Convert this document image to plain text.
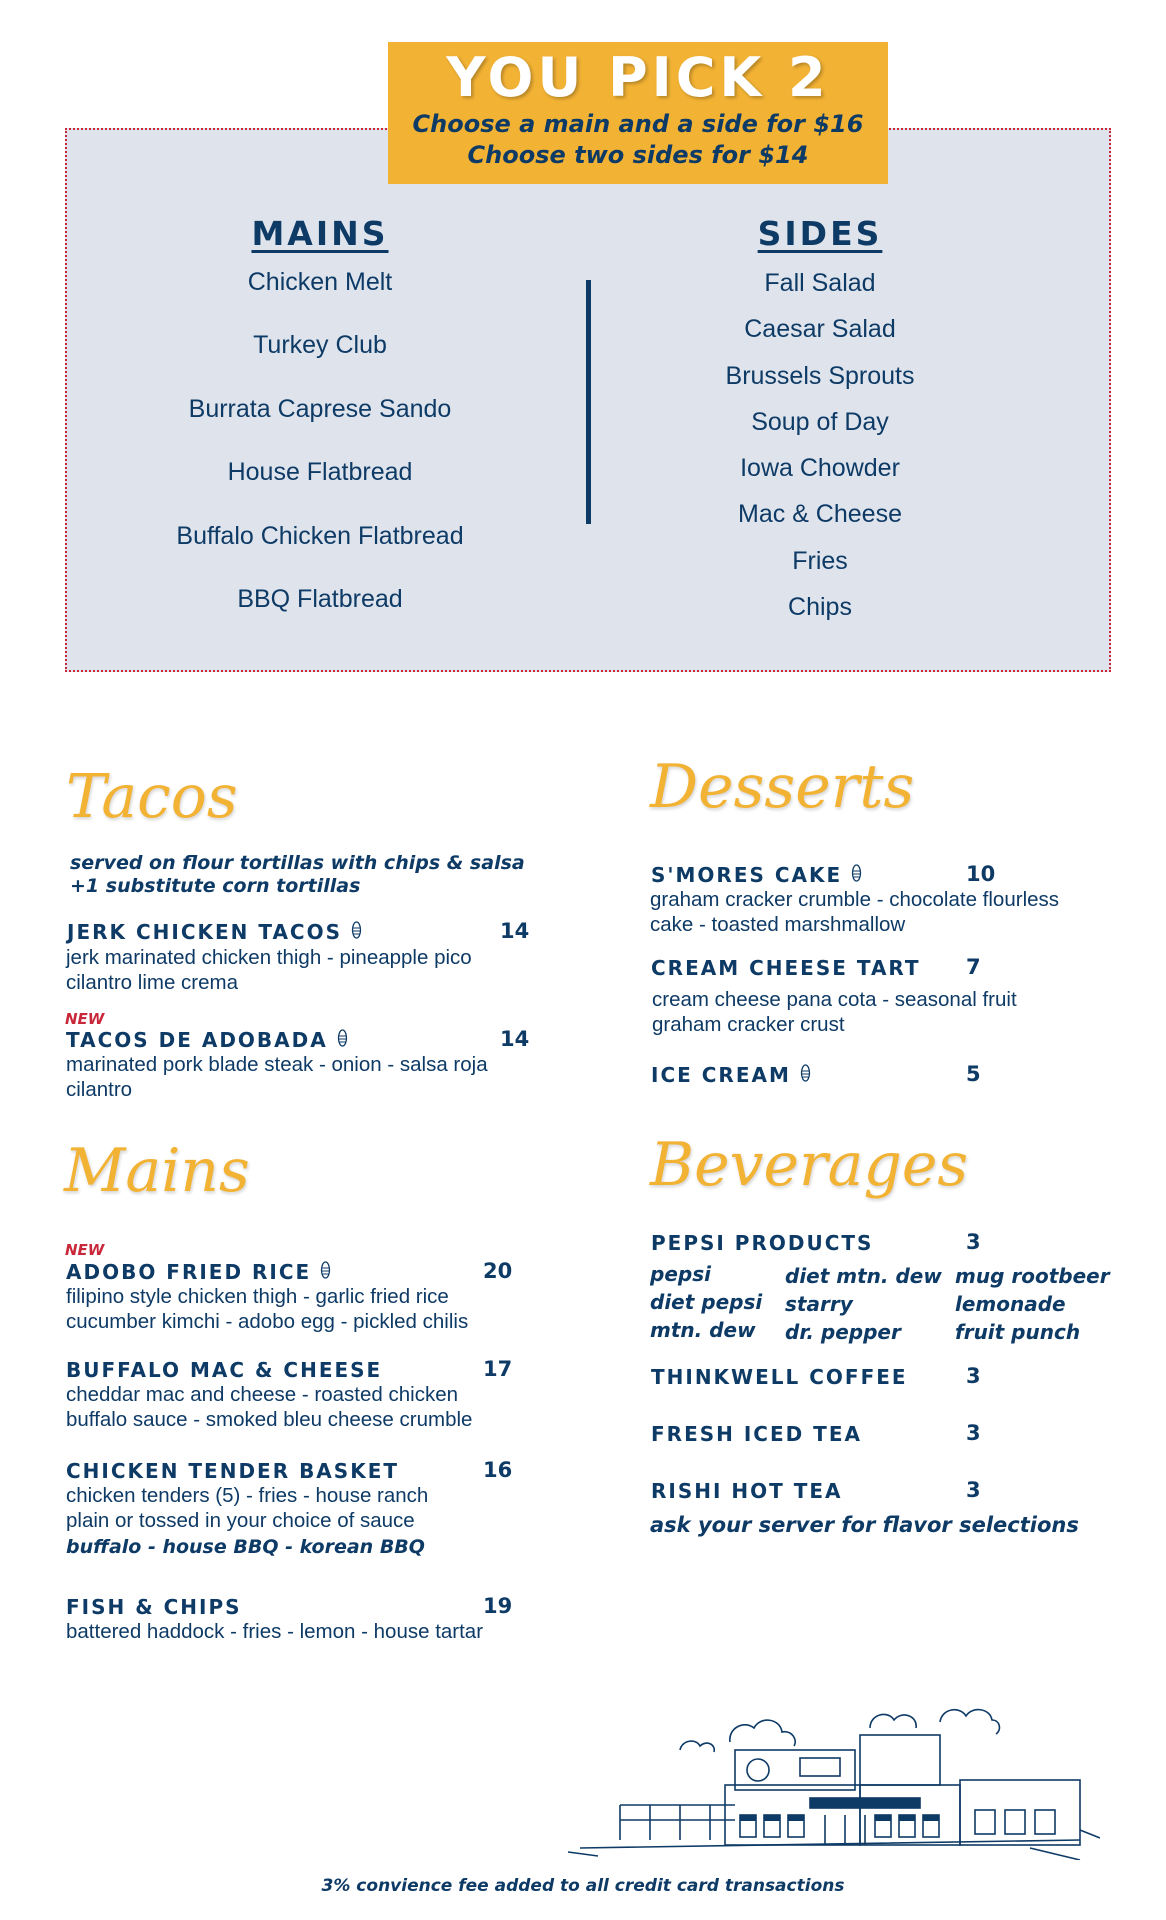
YOU PICK 2
Choose a main and a side for $16
Choose two sides for $14
MAINS	SIDES
Chicken Melt
Turkey Club
Burrata Caprese Sando
House Flatbread
Buffalo Chicken Flatbread
BBQ Flatbread
Fall Salad
Caesar Salad
Brussels Sprouts
Soup of Day
Iowa Chowder
Mac & Cheese
Fries
Chips
Tacos
served on flour tortillas with chips & salsa
+1 substitute corn tortillas
JERK CHICKEN TACOS	14
jerk marinated chicken thigh - pineapple pico
cilantro lime crema
NEW
TACOS DE ADOBADA	14
marinated pork blade steak - onion - salsa roja
cilantro
Mains
NEW
ADOBO FRIED RICE	20
filipino style chicken thigh - garlic fried rice
cucumber kimchi - adobo egg - pickled chilis
BUFFALO MAC & CHEESE	17
cheddar mac and cheese - roasted chicken
buffalo sauce - smoked bleu cheese crumble
CHICKEN TENDER BASKET	16
chicken tenders (5) - fries - house ranch
plain or tossed in your choice of sauce
buffalo - house BBQ - korean BBQ
FISH & CHIPS	19
battered haddock - fries - lemon - house tartar
Desserts
S'MORES CAKE	10
graham cracker crumble - chocolate flourless
cake - toasted marshmallow
CREAM CHEESE TART 7
cream cheese pana cota - seasonal fruit
graham cracker crust
ICE CREAM	5
Beverages
PEPSI PRODUCTS	3
pepsi
diet pepsi
mtn. dew
diet mtn. dew
starry
dr. pepper
mug rootbeer
lemonade
fruit punch
THINKWELL COFFEE	3
FRESH ICED TEA	3
RISHI HOT TEA	3
ask your server for flavor selections
3% convience fee added to all credit card transactions
